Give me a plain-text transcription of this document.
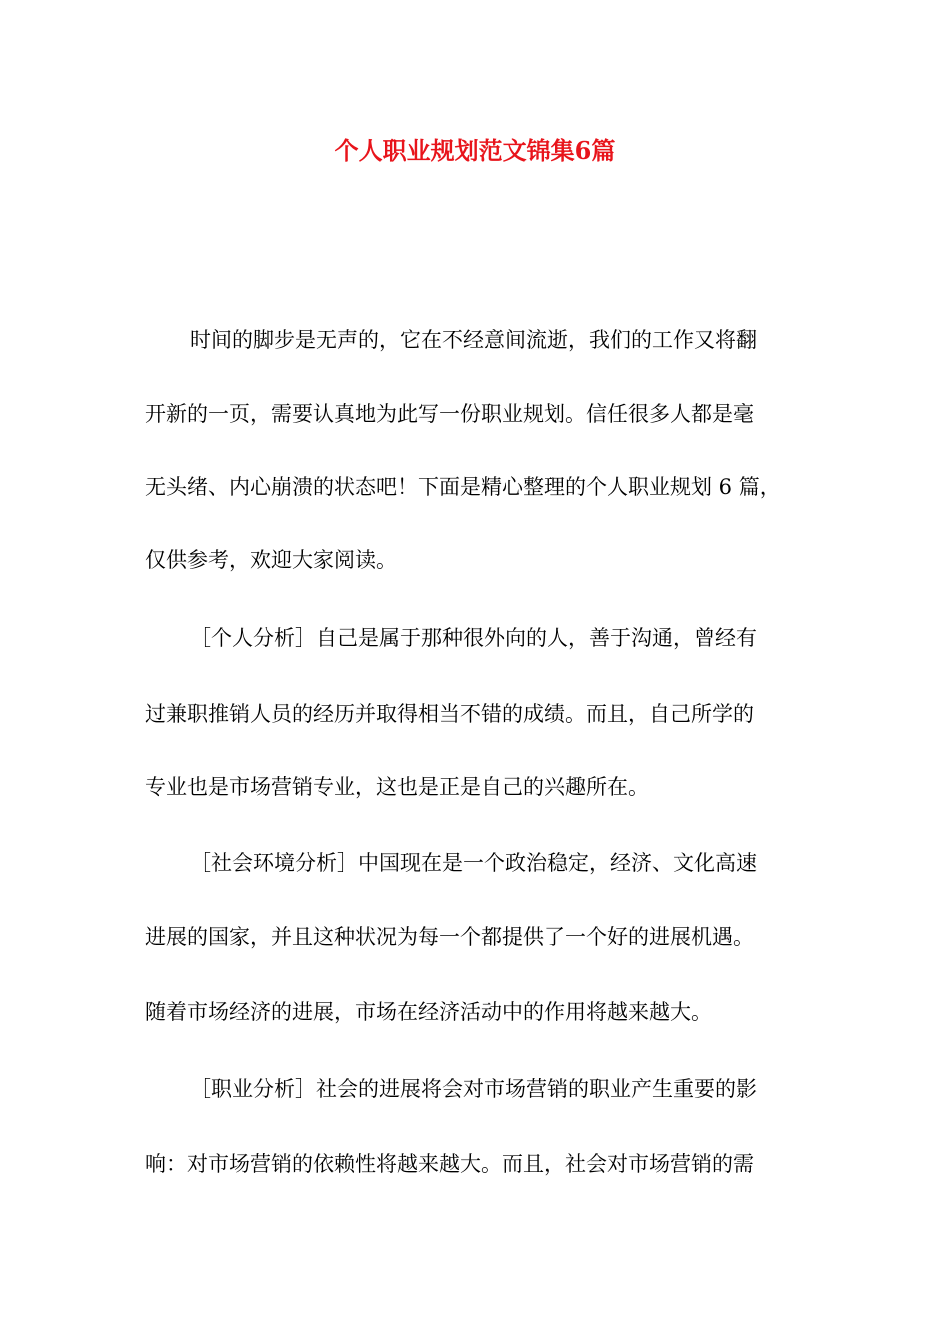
个人职业规划范文锦集6篇

时间的脚步是无声的，它在不经意间流逝，我们的工作又将翻

开新的一页，需要认真地为此写一份职业规划。信任很多人都是毫

无头绪、内心崩溃的状态吧！下面是精心整理的个人职业规划 6 篇，

仅供参考，欢迎大家阅读。

［个人分析］自己是属于那种很外向的人，善于沟通，曾经有

过兼职推销人员的经历并取得相当不错的成绩。而且，自己所学的

专业也是市场营销专业，这也是正是自己的兴趣所在。

［社会环境分析］中国现在是一个政治稳定，经济、文化高速

进展的国家，并且这种状况为每一个都提供了一个好的进展机遇。

随着市场经济的进展，市场在经济活动中的作用将越来越大。

［职业分析］社会的进展将会对市场营销的职业产生重要的影

响：对市场营销的依赖性将越来越大。而且，社会对市场营销的需
